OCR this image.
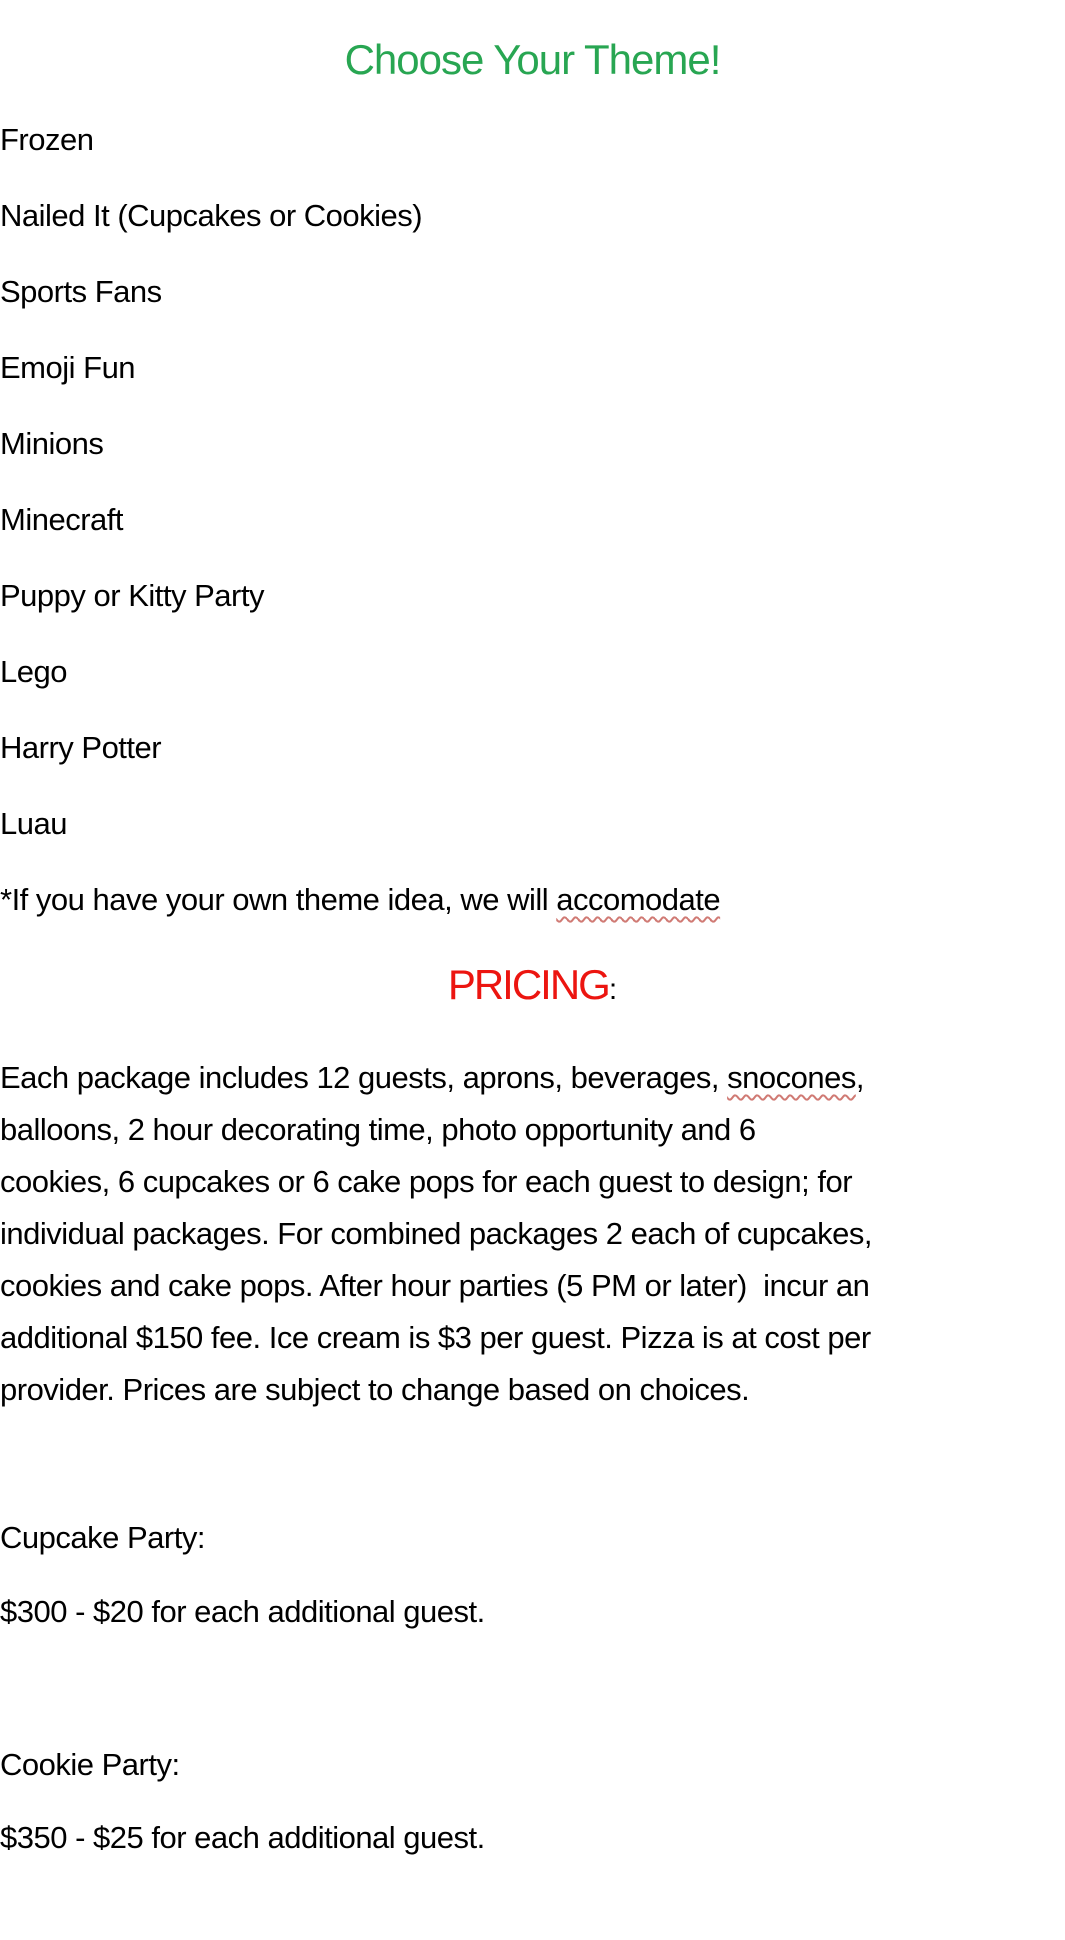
Choose Your Theme!
Frozen
Nailed It (Cupcakes or Cookies)
Sports Fans
Emoji Fun
Minions
Minecraft
Puppy or Kitty Party
Lego
Harry Potter
Luau

*If you have your own theme idea, we will accomodate

PRICING:

Each package includes 12 guests, aprons, beverages, snocones,
balloons, 2 hour decorating time, photo opportunity and 6
cookies, 6 cupcakes or 6 cake pops for each guest to design; for
individual packages. For combined packages 2 each of cupcakes,
cookies and cake pops. After hour parties (5 PM or later)  incur an
additional $150 fee. Ice cream is $3 per guest. Pizza is at cost per
provider. Prices are subject to change based on choices.

Cupcake Party:

$300 - $20 for each additional guest.

Cookie Party:

$350 - $25 for each additional guest.
